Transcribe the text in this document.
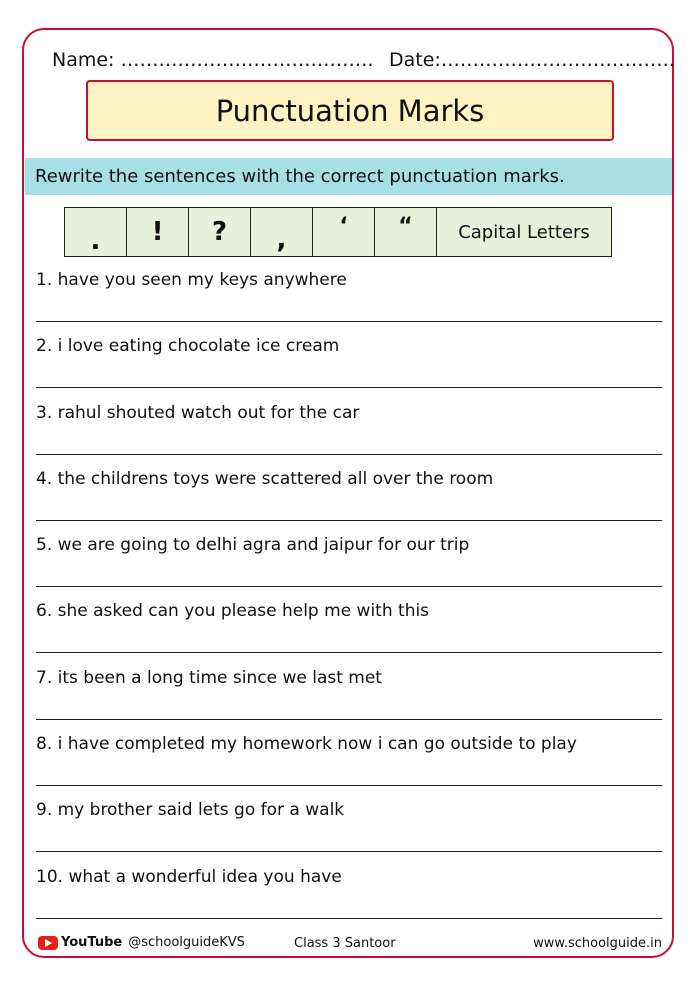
Name: …………………………………. Date:……………………………….
Punctuation Marks
Rewrite the sentences with the correct punctuation marks.
.	!	?	,	‘	“	Capital Letters
1. have you seen my keys anywhere
2. i love eating chocolate ice cream
3. rahul shouted watch out for the car
4. the childrens toys were scattered all over the room
5. we are going to delhi agra and jaipur for our trip
6. she asked can you please help me with this
7. its been a long time since we last met
8. i have completed my homework now i can go outside to play
9. my brother said lets go for a walk
10. what a wonderful idea you have
YouTube @schoolguideKVS	Class 3 Santoor	www.schoolguide.in
